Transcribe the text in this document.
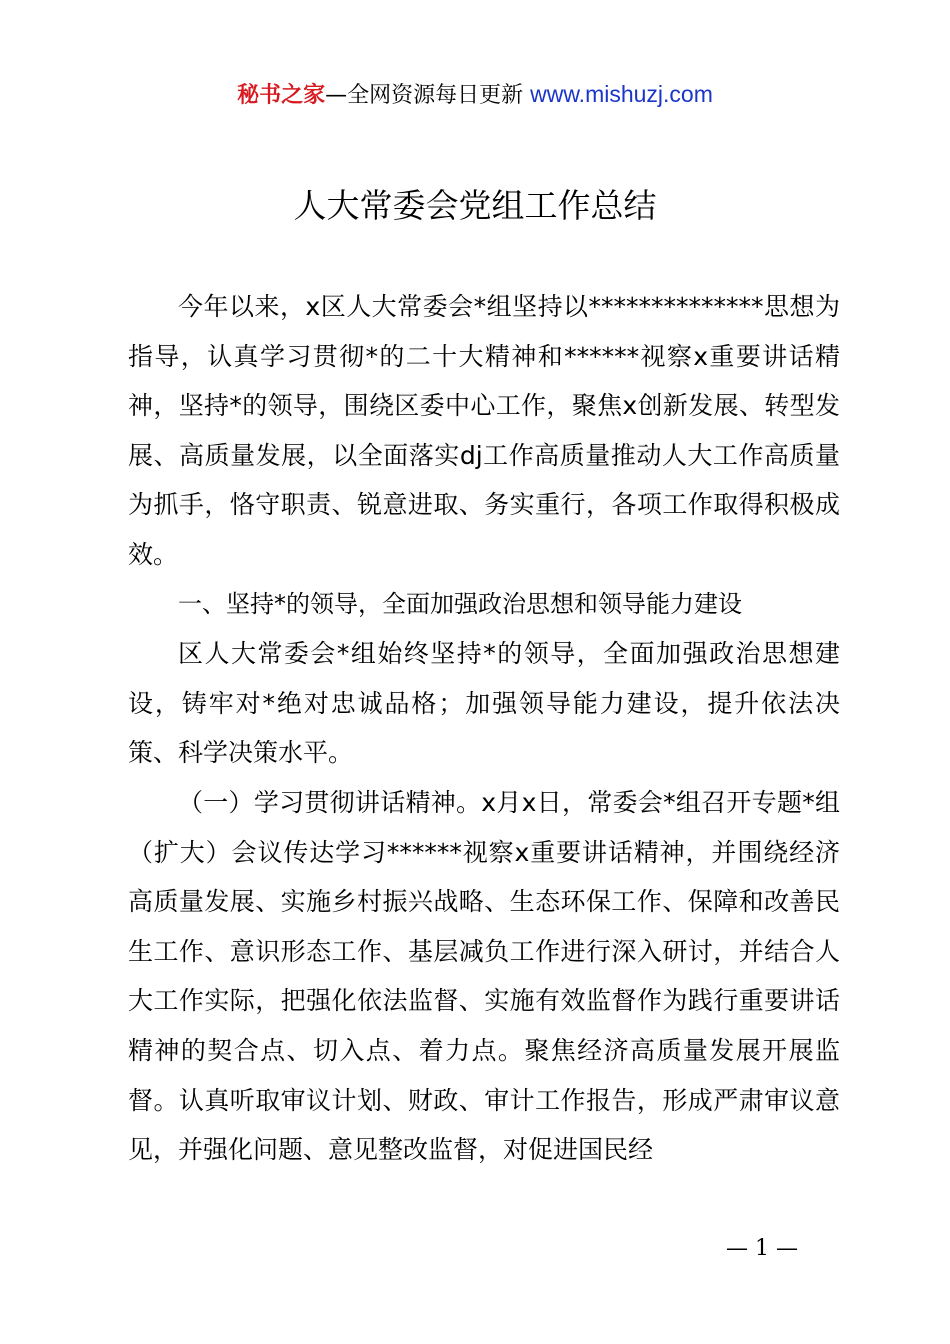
秘书之家—全网资源每日更新 www.mishuzj.com
人大常委会党组工作总结

今年以来，x区人大常委会*组坚持以**************思想为指导，认真学习贯彻*的二十大精神和******视察x重要讲话精神，坚持*的领导，围绕区委中心工作，聚焦x创新发展、转型发展、高质量发展，以全面落实dj工作高质量推动人大工作高质量为抓手，恪守职责、锐意进取、务实重行，各项工作取得积极成效。

一、坚持*的领导，全面加强政治思想和领导能力建设

区人大常委会*组始终坚持*的领导，全面加强政治思想建设，铸牢对*绝对忠诚品格；加强领导能力建设，提升依法决策、科学决策水平。

（一）学习贯彻讲话精神。x月x日，常委会*组召开专题*组（扩大）会议传达学习******视察x重要讲话精神，并围绕经济高质量发展、实施乡村振兴战略、生态环保工作、保障和改善民生工作、意识形态工作、基层减负工作进行深入研讨，并结合人大工作实际，把强化依法监督、实施有效监督作为践行重要讲话精神的契合点、切入点、着力点。聚焦经济高质量发展开展监督。认真听取审议计划、财政、审计工作报告，形成严肃审议意见，并强化问题、意见整改监督，对促进国民经

— 1 —
